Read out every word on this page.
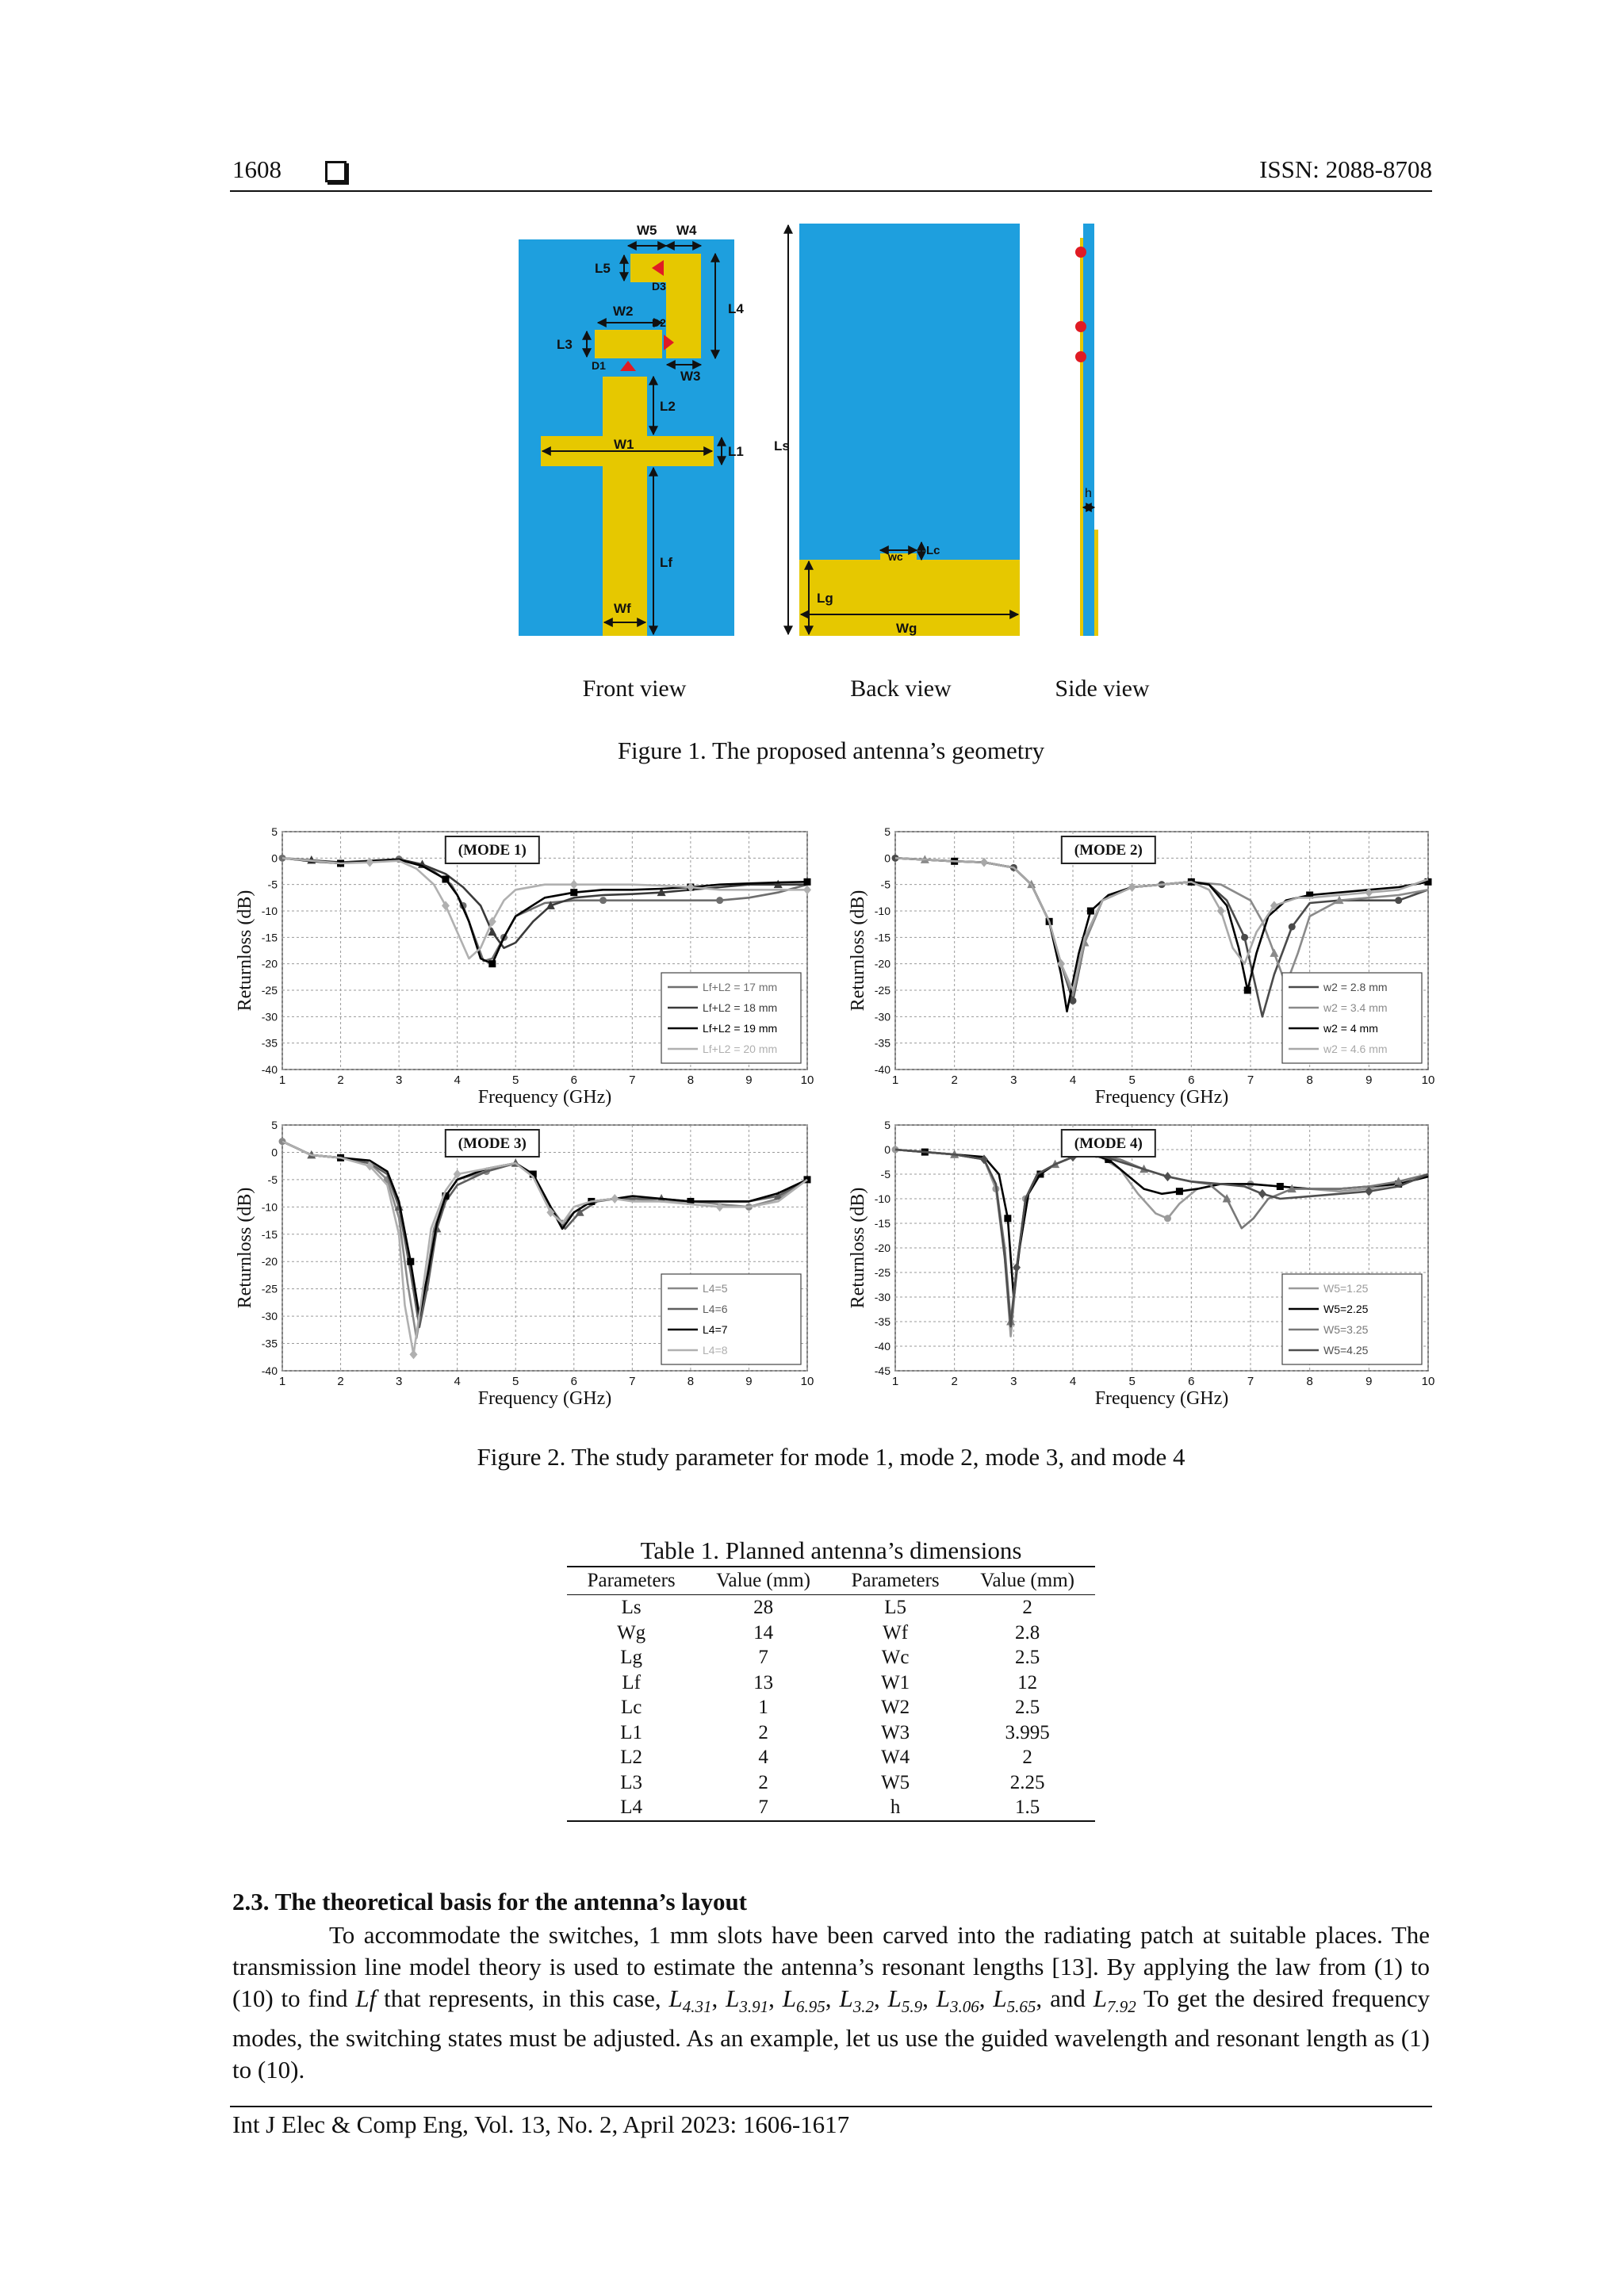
1608	ISSN: 2088-8708
W5 W4
L5
D3
W2
D2
L4
L3
D1
W3
L2
W1	L1
Lf
Wf
Ls
wc Lc
Lg
Wg
h
Front view	Back view	Side view
Figure 1. The proposed antenna’s geometry
1	2	3	4	5	6	7	8	9	10
5
0
-5
-10
-15
-20
-25
-30
-35
-40
Frequency (GHz)
Returnloss (dB)
(MODE 1)
Lf+L2 = 17 mm
Lf+L2 = 18 mm
Lf+L2 = 19 mm
Lf+L2 = 20 mm
1	2	3	4	5	6	7	8	9	10
5
0
-5
-10
-15
-20
-25
-30
-35
-40
Frequency (GHz)
Returnloss (dB)
(MODE 2)
w2 = 2.8 mm
w2 = 3.4 mm
w2 = 4 mm
w2 = 4.6 mm
1	2	3	4	5	6	7	8	9	10
5
0
-5
-10
-15
-20
-25
-30
-35
-40
Frequency (GHz)
Returnloss (dB)
(MODE 3)
L4=5
L4=6
L4=7
L4=8
1	2	3	4	5	6	7	8	9	10
5
0
-5
-10
-15
-20
-25
-30
-35
-40
-45
Frequency (GHz)
Returnloss (dB)
(MODE 4)
W5=1.25
W5=2.25
W5=3.25
W5=4.25
Figure 2. The study parameter for mode 1, mode 2, mode 3, and mode 4
Table 1. Planned antenna’s dimensions
Parameters	Value (mm)	Parameters	Value (mm)
Ls	28	L5	2
Wg	14	Wf	2.8
Lg	7	Wc	2.5
Lf	13	W1	12
Lc	1	W2	2.5
L1	2	W3	3.995
L2	4	W4	2
L3	2	W5	2.25
L4	7	h	1.5
2.3. The theoretical basis for the antenna’s layout
To accommodate the switches, 1 mm slots have been carved into the radiating patch at suitable places. The transmission line model theory is used to estimate the antenna’s resonant lengths [13]. By applying the law from (1) to (10) to find Lf that represents, in this case, $L_{4.31}$, $L_{3.91}$, $L_{6.95}$, $L_{3.2}$, $L_{5.9}$, $L_{3.06}$, $L_{5.65}$, and $L_{7.92}$ To get the desired frequency modes, the switching states must be adjusted. As an example, let us use the guided wavelength and resonant length as (1) to (10).
Int J Elec & Comp Eng, Vol. 13, No. 2, April 2023: 1606-1617
